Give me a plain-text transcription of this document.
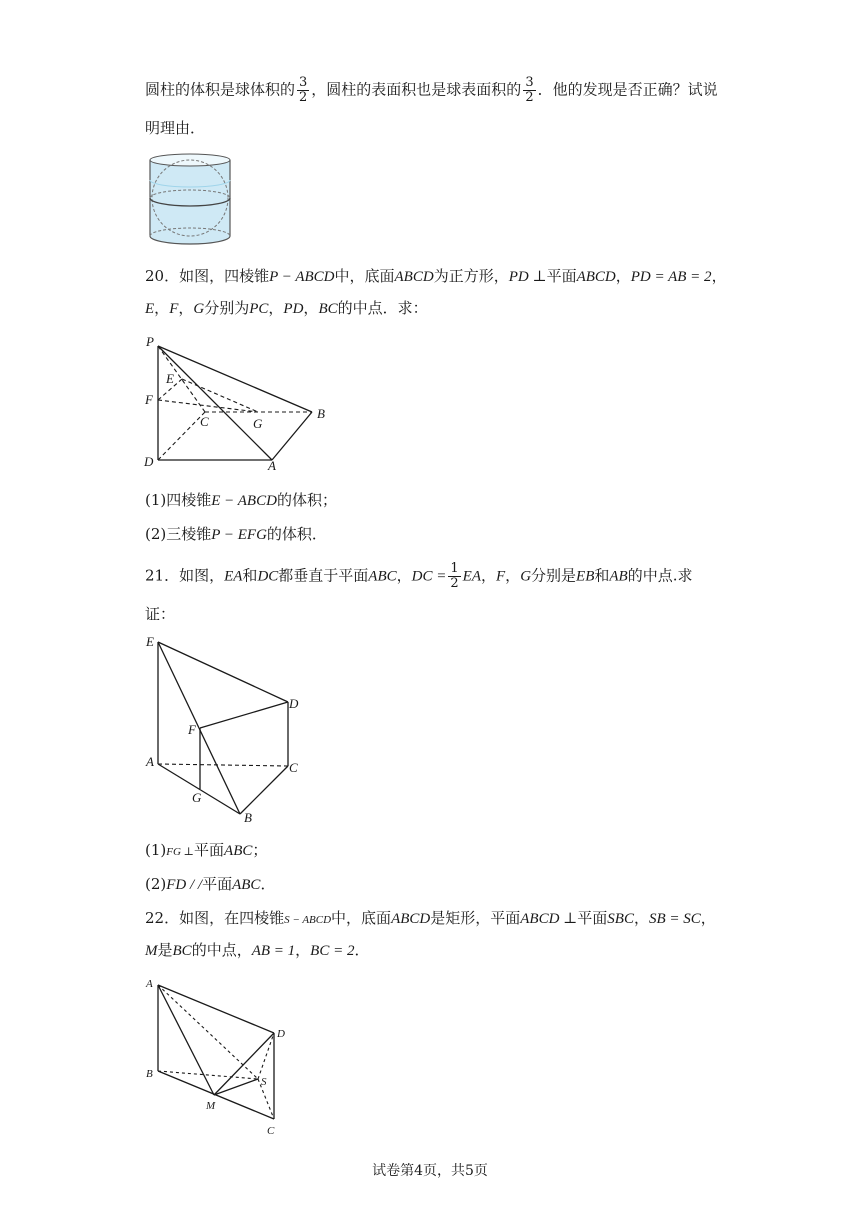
圆柱的体积是球体积的 $\frac{3}{2}$ ，圆柱的表面积也是球表面积的 $\frac{3}{2}$ ．他的发现是否正确？试说
明理由．
20．如图，四棱锥P − ABCD中，底面ABCD为正方形，PD ⊥平面ABCD，PD = AB = 2，
E，F，G分别为PC，PD，BC的中点．求：
P
E
F
C	G
B
D	A
(1)四棱锥E − ABCD的体积；
(2)三棱锥P − EFG的体积．
21．如图，EA和DC都垂直于平面ABC，DC = $\frac{1}{2}$ EA，F，G分别是EB和AB的中点.求
证：
E
D
F
A	C
G
B
(1)FG ⊥平面ABC；
(2)FD / /平面ABC．
22．如图，在四棱锥S − ABCD中，底面ABCD是矩形，平面ABCD ⊥平面SBC，SB = SC，
M是BC的中点，AB = 1，BC = 2．
A
D
B
S
M
C
试卷第4页，共5页
